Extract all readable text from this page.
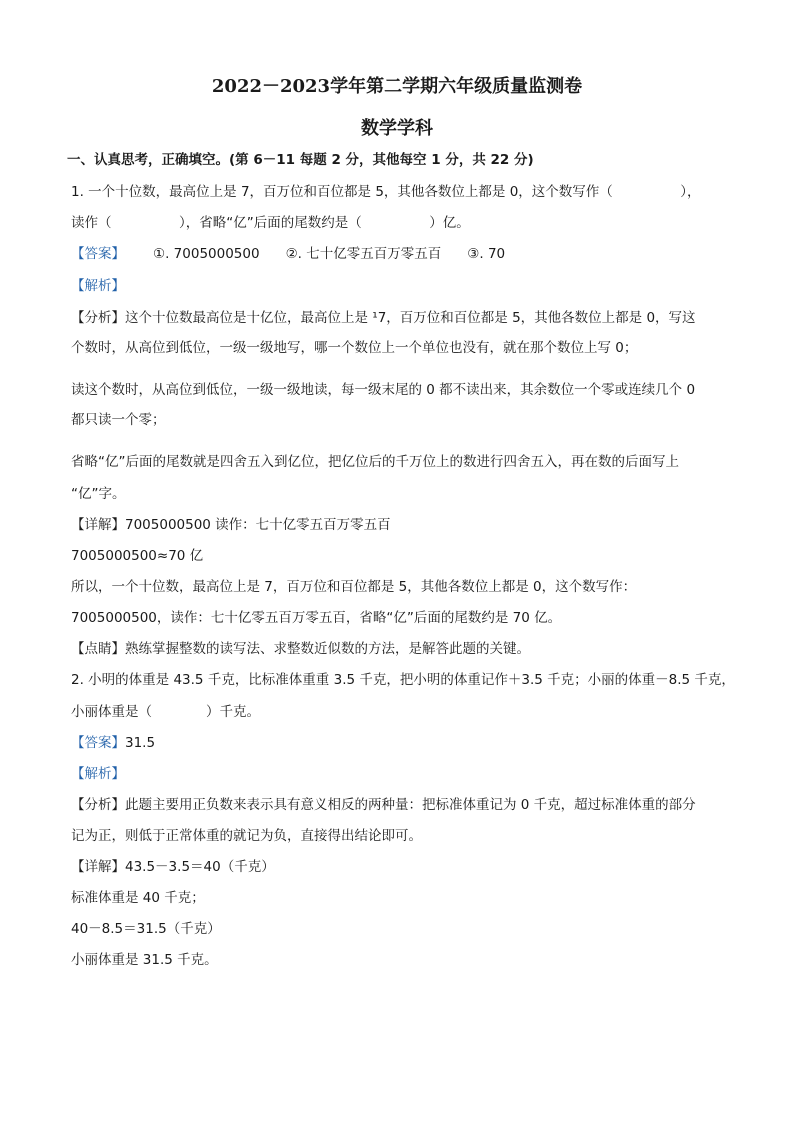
2022－2023学年第二学期六年级质量监测卷
数学学科
一、认真思考，正确填空。(第 6－11 每题 2 分，其他每空 1 分，共 22 分)
1. 一个十位数，最高位上是 7，百万位和百位都是 5，其他各数位上都是 0，这个数写作（　　　　　），
读作（　　　　　），省略“亿”后面的尾数约是（　　　　　）亿。
【答案】 ①. 7005000500 ②. 七十亿零五百万零五百 ③. 70
【解析】
【分析】这个十位数最高位是十亿位，最高位上是 ¹7，百万位和百位都是 5，其他各数位上都是 0，写这
个数时，从高位到低位，一级一级地写，哪一个数位上一个单位也没有，就在那个数位上写 0；
读这个数时，从高位到低位，一级一级地读，每一级末尾的 0 都不读出来，其余数位一个零或连续几个 0
都只读一个零；
省略“亿”后面的尾数就是四舍五入到亿位，把亿位后的千万位上的数进行四舍五入，再在数的后面写上
“亿”字。
【详解】7005000500 读作：七十亿零五百万零五百
7005000500≈70 亿
所以，一个十位数，最高位上是 7，百万位和百位都是 5，其他各数位上都是 0，这个数写作：
7005000500，读作：七十亿零五百万零五百，省略“亿”后面的尾数约是 70 亿。
【点睛】熟练掌握整数的读写法、求整数近似数的方法，是解答此题的关键。
2. 小明的体重是 43.5 千克，比标准体重重 3.5 千克，把小明的体重记作＋3.5 千克；小丽的体重－8.5 千克，
小丽体重是（　　　　）千克。
【答案】31.5
【解析】
【分析】此题主要用正负数来表示具有意义相反的两种量：把标准体重记为 0 千克，超过标准体重的部分
记为正，则低于正常体重的就记为负，直接得出结论即可。
【详解】43.5－3.5＝40（千克）
标准体重是 40 千克；
40－8.5＝31.5（千克）
小丽体重是 31.5 千克。
